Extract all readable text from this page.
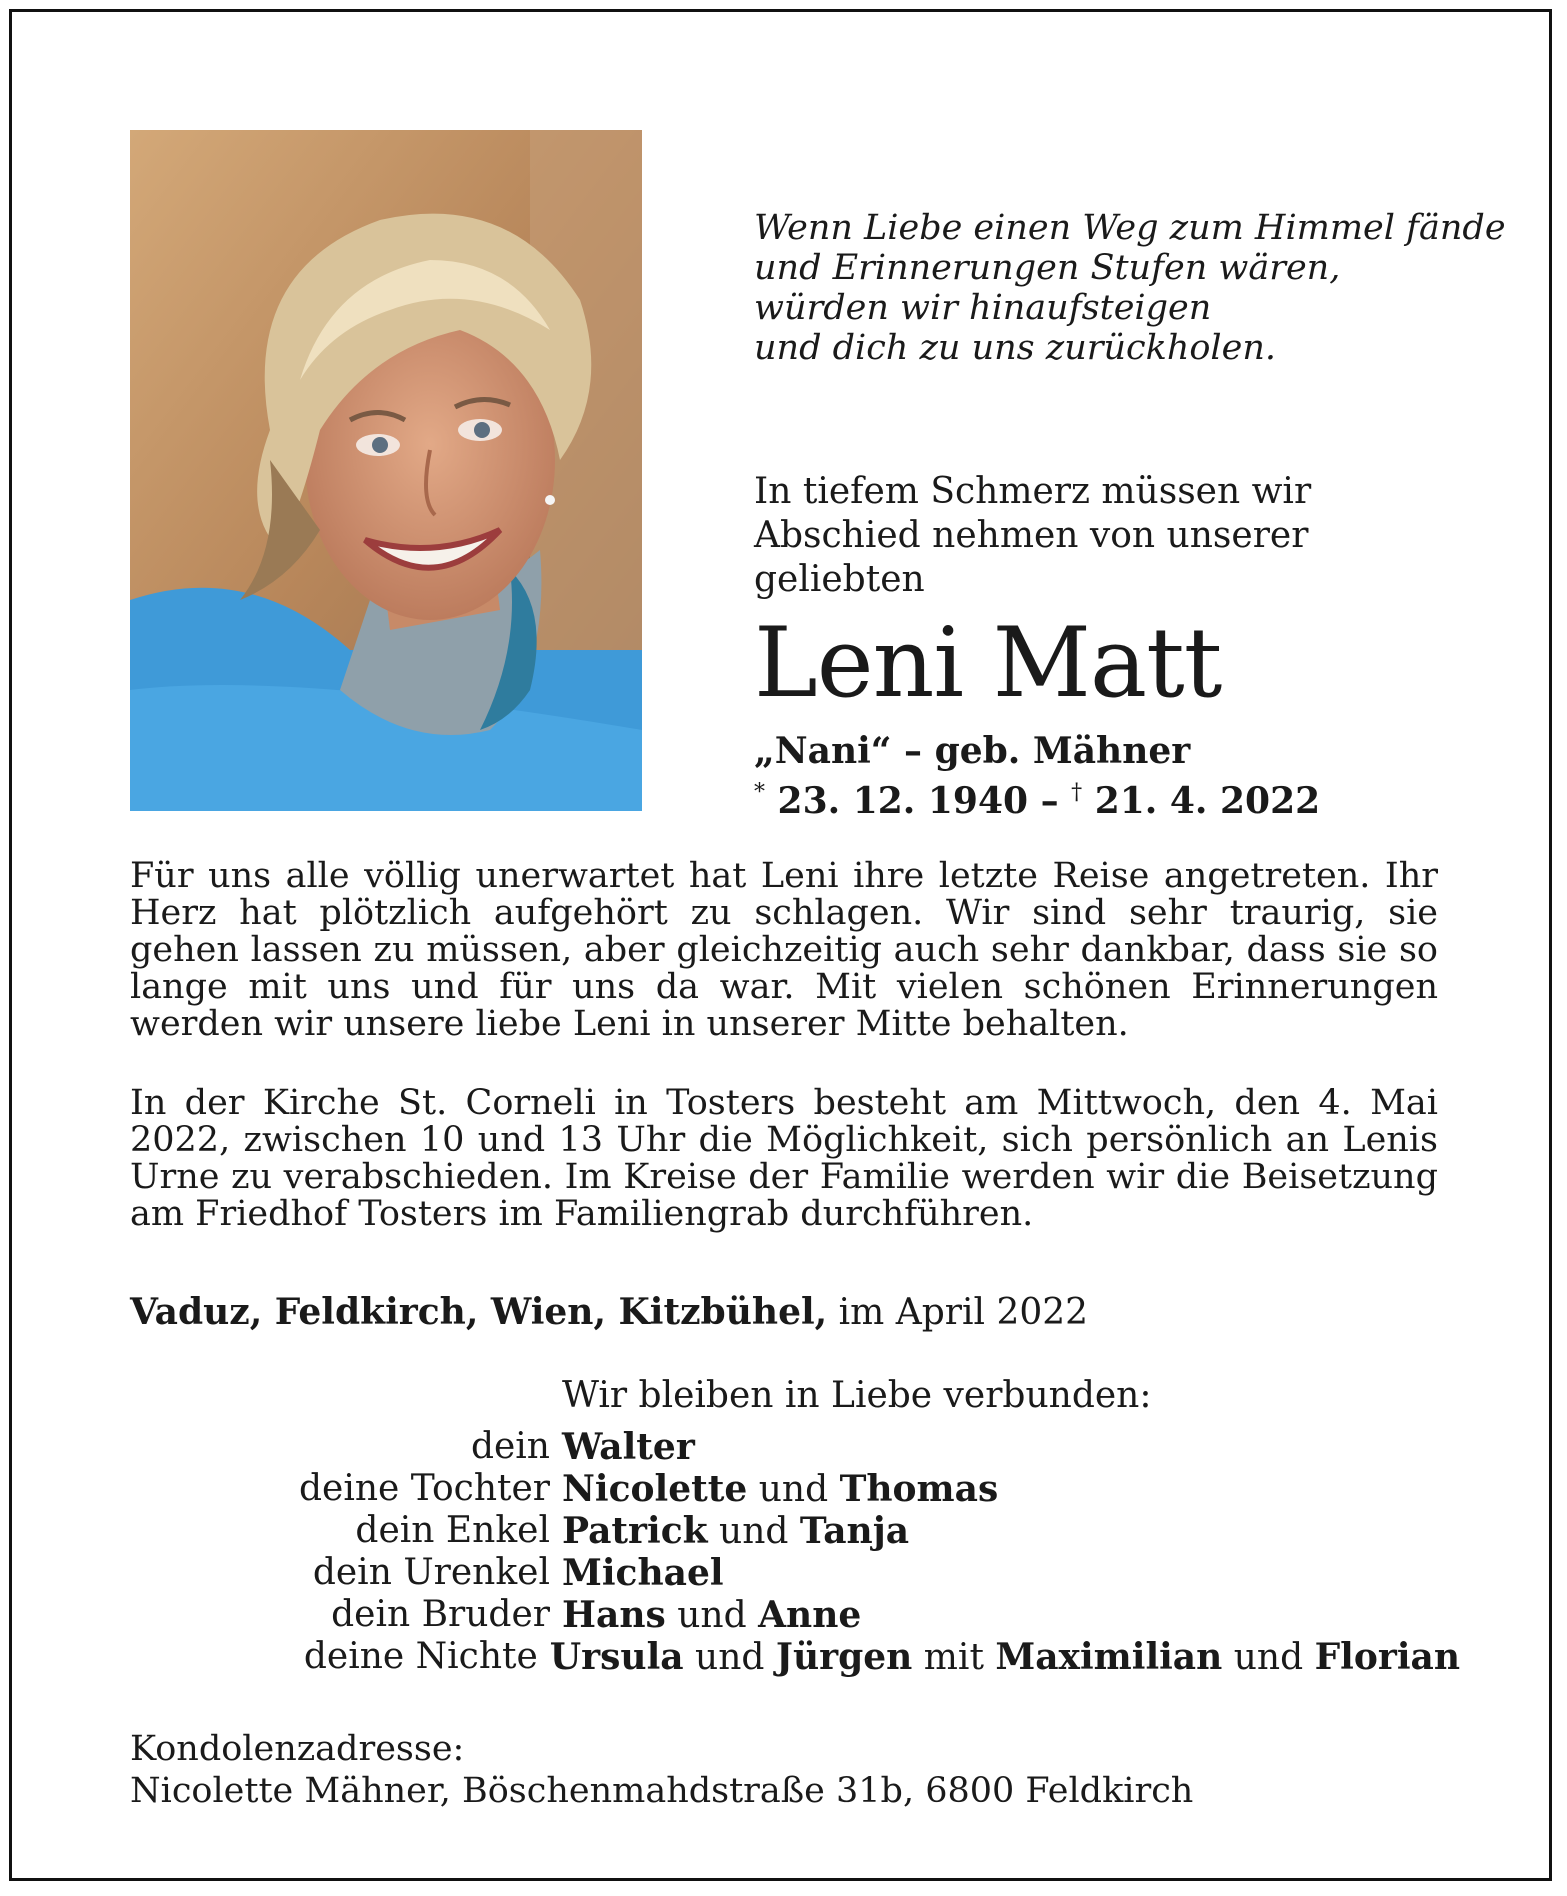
Wenn Liebe einen Weg zum Himmel fände
und Erinnerungen Stufen wären,
würden wir hinaufsteigen
und dich zu uns zurückholen.
In tiefem Schmerz müssen wir Abschied nehmen von unserer geliebten
Leni Matt
„Nani“ – geb. Mähner
* 23. 12. 1940 – † 21. 4. 2022

Für uns alle völlig unerwartet hat Leni ihre letzte Reise angetreten. Ihr Herz hat plötzlich aufgehört zu schlagen. Wir sind sehr traurig, sie gehen lassen zu müssen, aber gleichzeitig auch sehr dankbar, dass sie so lange mit uns und für uns da war. Mit vielen schönen Erinnerungen werden wir unsere liebe Leni in unserer Mitte behalten.

In der Kirche St. Corneli in Tosters besteht am Mittwoch, den 4. Mai 2022, zwischen 10 und 13 Uhr die Möglichkeit, sich persönlich an Lenis Urne zu verabschieden. Im Kreise der Familie werden wir die Beisetzung am Friedhof Tosters im Familiengrab durchführen.

Vaduz, Feldkirch, Wien, Kitzbühel, im April 2022
Wir bleiben in Liebe verbunden:
dein Walter
deine Tochter Nicolette und Thomas
dein Enkel Patrick und Tanja
dein Urenkel Michael
dein Bruder Hans und Anne
deine Nichte Ursula und Jürgen mit Maximilian und Florian
Kondolenzadresse:
Nicolette Mähner, Böschenmahdstraße 31b, 6800 Feldkirch
